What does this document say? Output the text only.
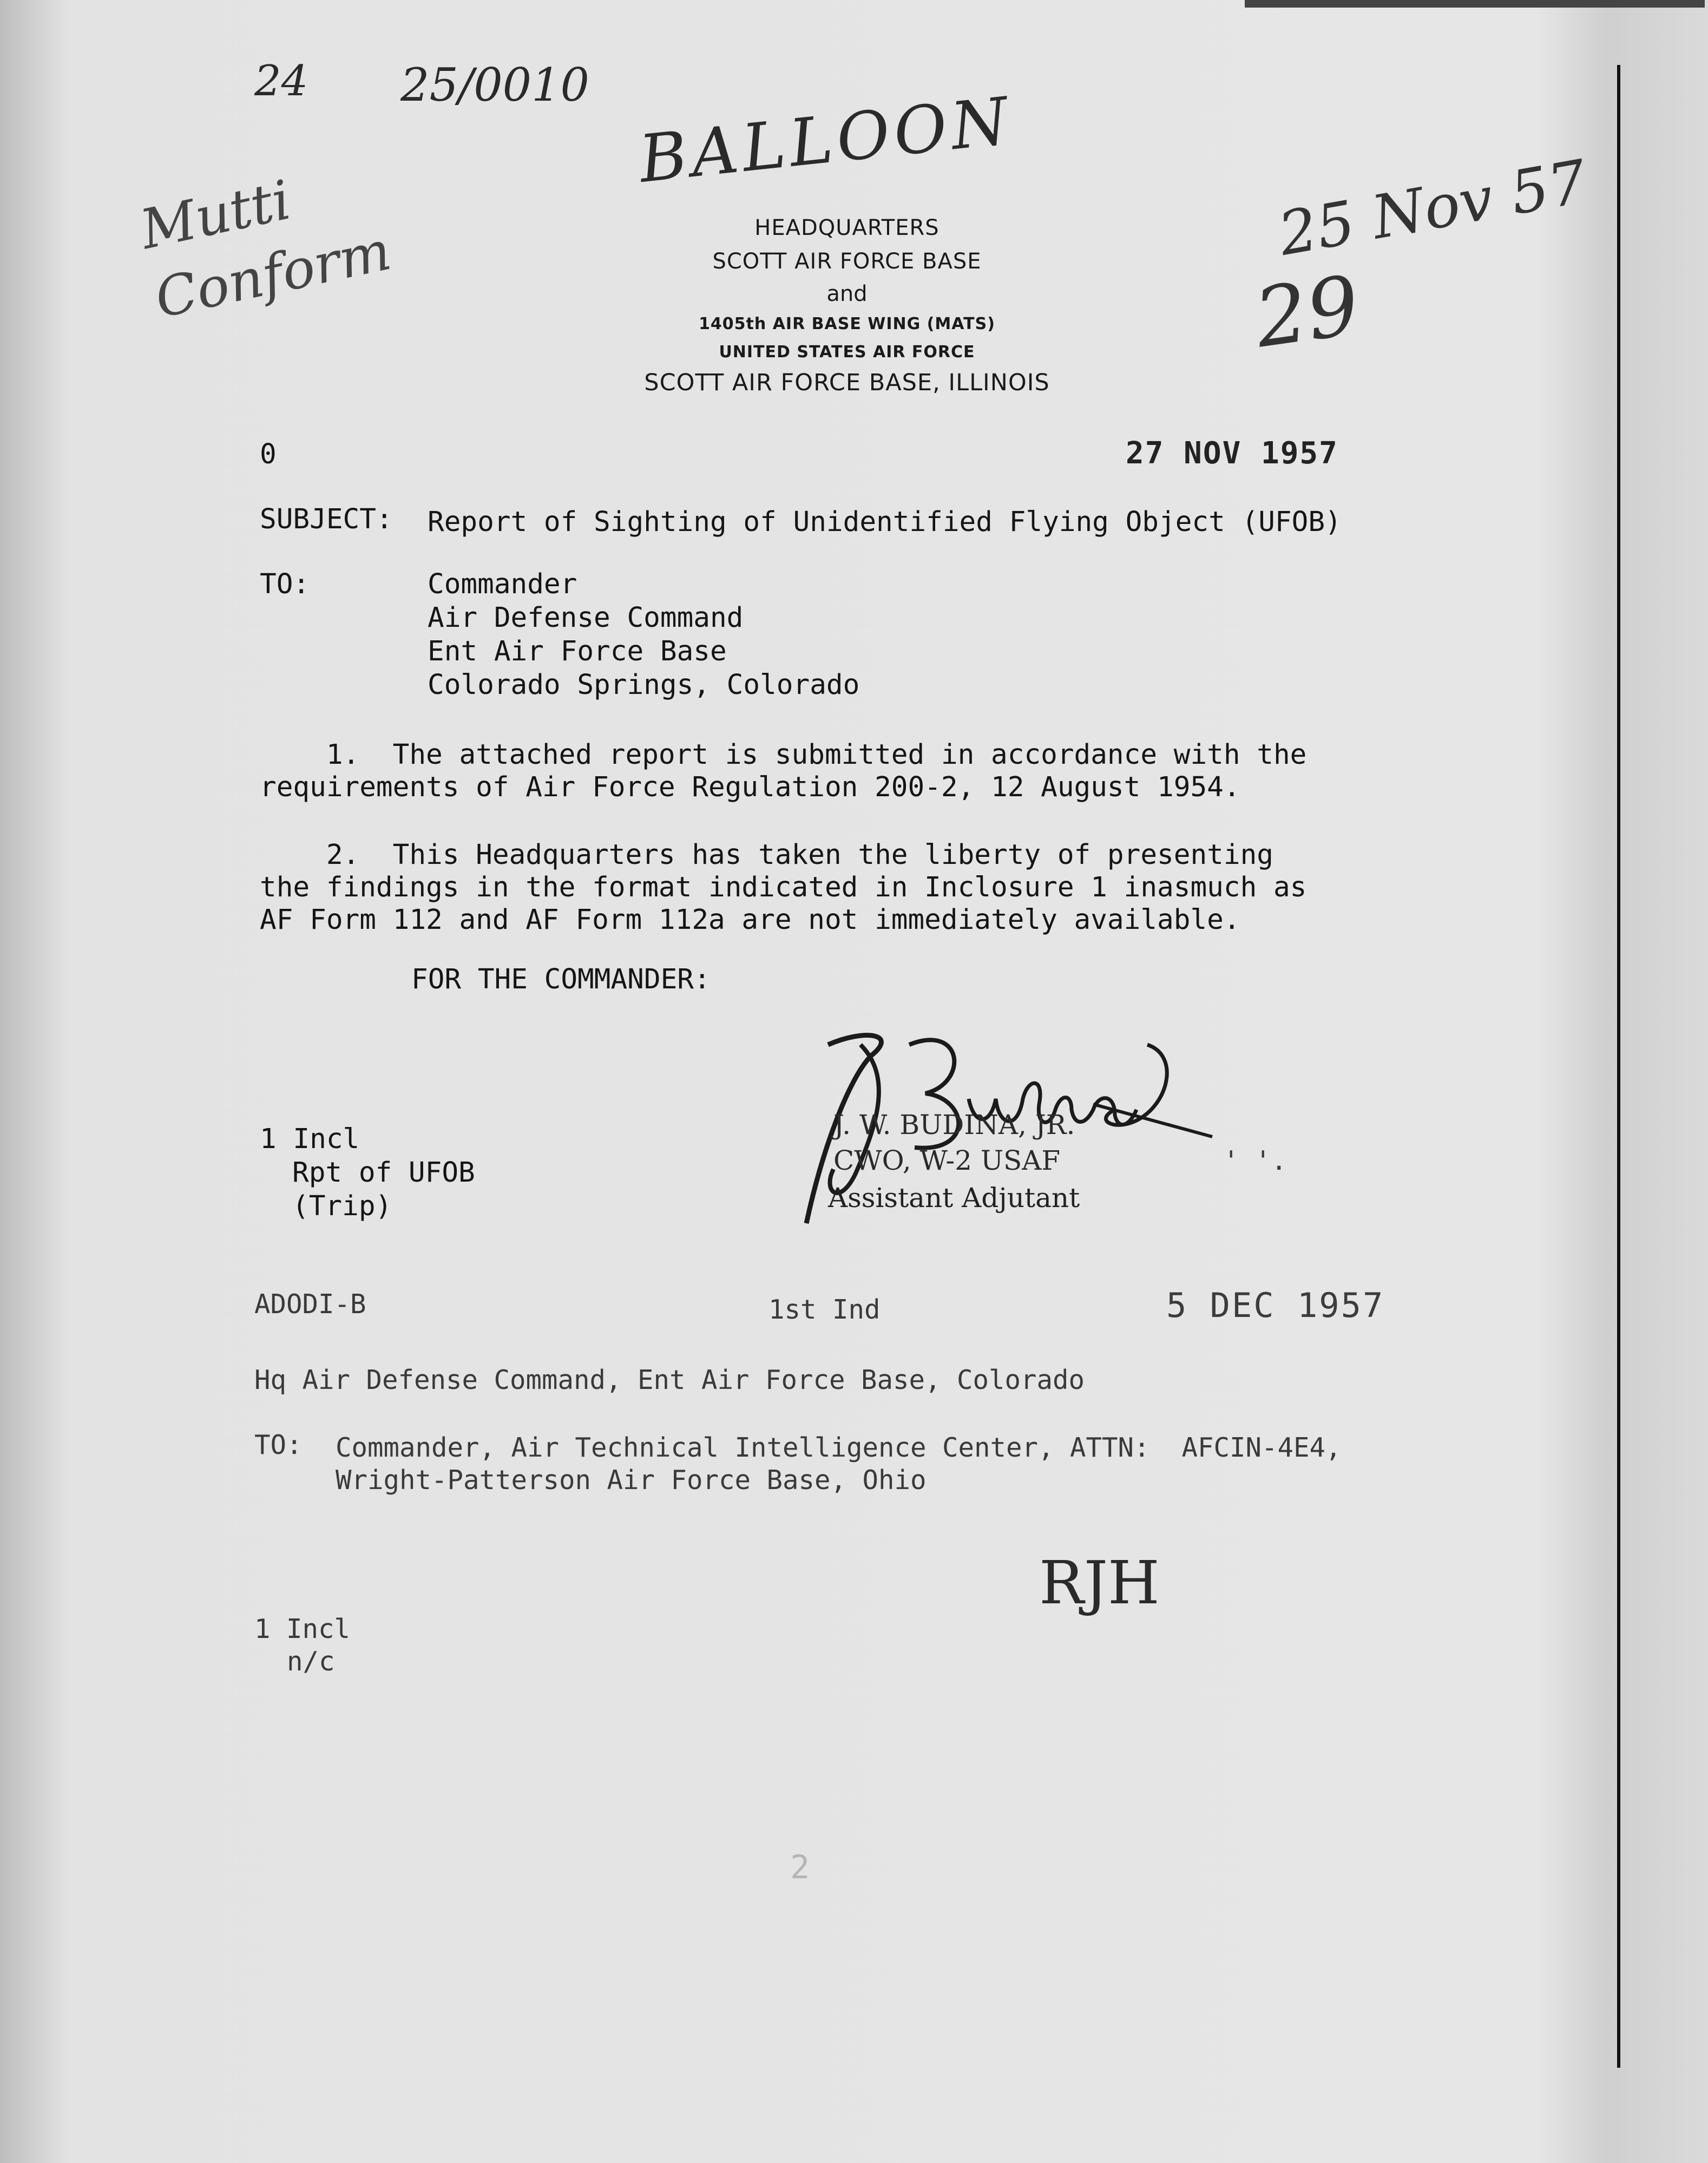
24 25/0010 BALLOON
Mutti Conform
25 Nov 57
29
HEADQUARTERS
SCOTT AIR FORCE BASE
and
1405th AIR BASE WING (MATS)
UNITED STATES AIR FORCE
SCOTT AIR FORCE BASE, ILLINOIS
0	27 NOV 1957
SUBJECT: Report of Sighting of Unidentified Flying Object (UFOB)
TO:	Commander
Air Defense Command
Ent Air Force Base
Colorado Springs, Colorado
1.  The attached report is submitted in accordance with the
requirements of Air Force Regulation 200-2, 12 August 1954.
2.  This Headquarters has taken the liberty of presenting
the findings in the format indicated in Inclosure 1 inasmuch as
AF Form 112 and AF Form 112a are not immediately available.
FOR THE COMMANDER:
J. W. BUDINA, JR.
CWO, W-2 USAF
Assistant Adjutant
' '.
1 Incl
Rpt of UFOB
(Trip)
ADODI-B	1st Ind	5 DEC 1957
Hq Air Defense Command, Ent Air Force Base, Colorado
TO: Commander, Air Technical Intelligence Center, ATTN:  AFCIN-4E4,
Wright-Patterson Air Force Base, Ohio
RJH
1 Incl
n/c
2
